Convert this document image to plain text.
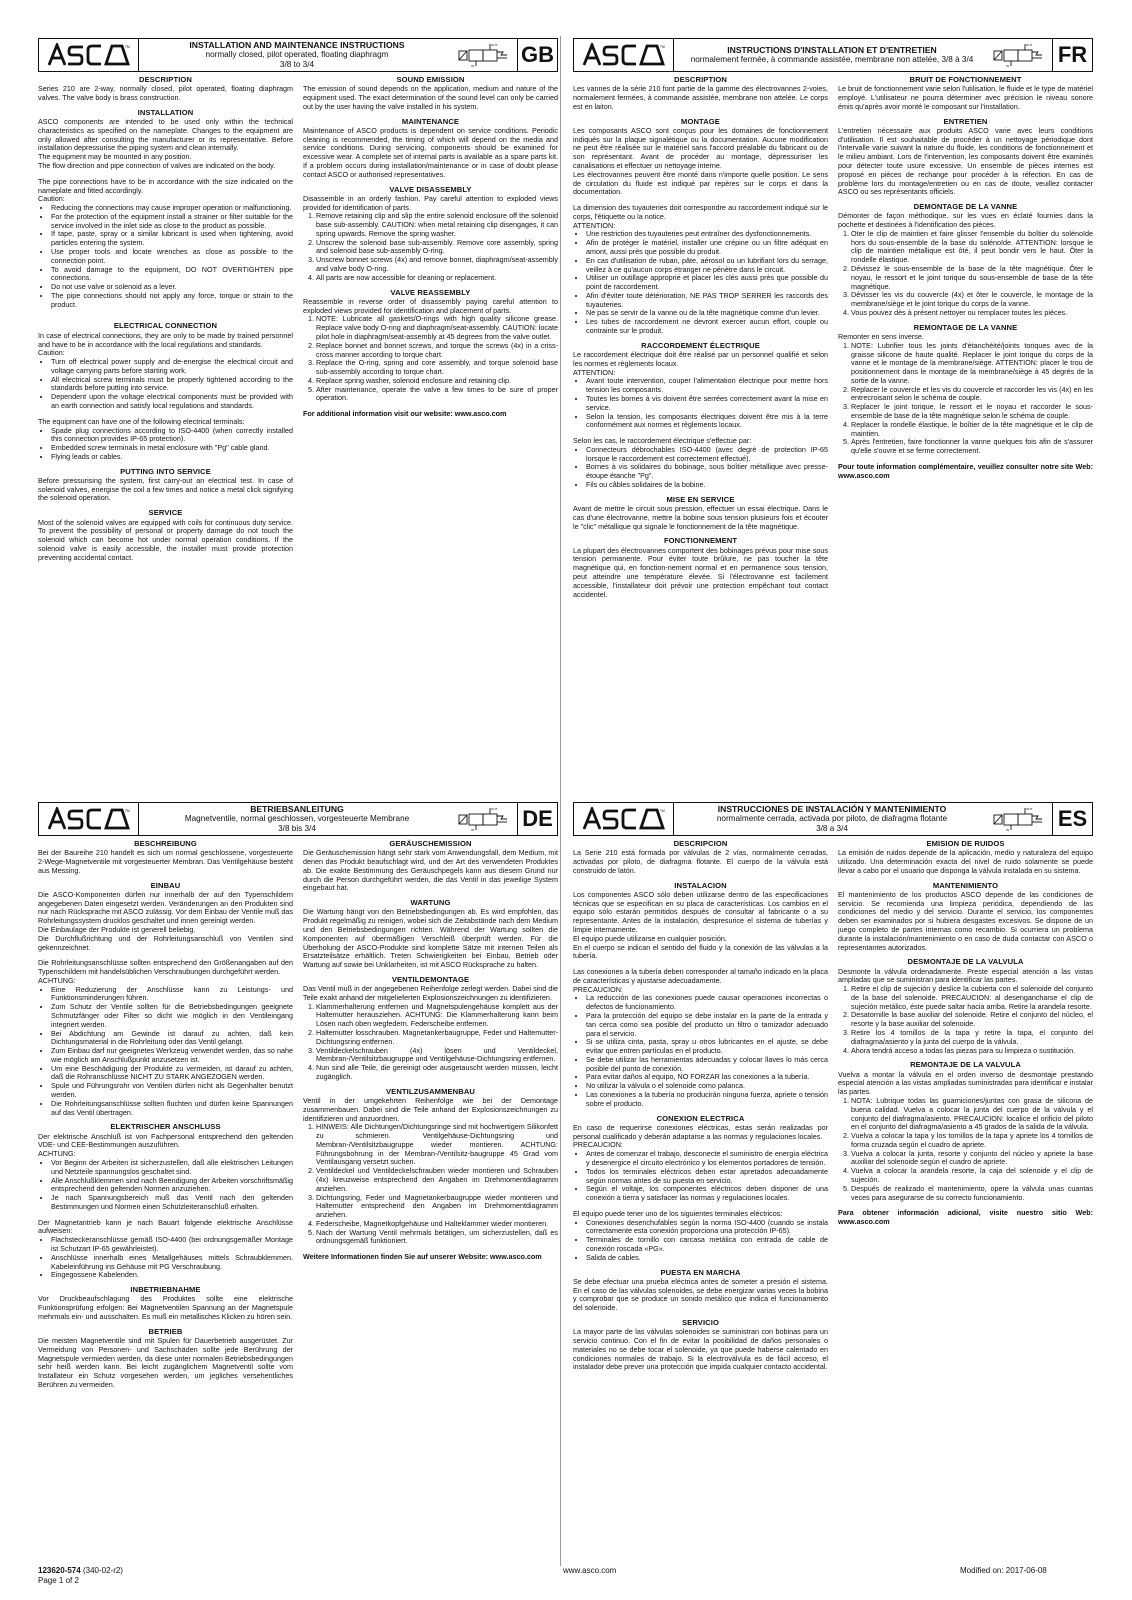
TM	INSTALLATION AND MAINTENANCE INSTRUCTIONS
normally closed, pilot operated, floating diaphragm
3/8 to 3/4
OUT
IN GB
DESCRIPTION

Series 210 are 2-way, normally closed, pilot operated, floating diaphragm valves. The valve body is brass construction.

INSTALLATION

ASCO components are intended to be used only within the technical characteristics as specified on the nameplate. Changes to the equipment are only allowed after consulting the manufacturer or its representative. Before installation depressurise the piping system and clean internally.

The equipment may be mounted in any position.

The flow direction and pipe connection of valves are indicated on the body.

The pipe connections have to be in accordance with the size indicated on the nameplate and fitted accordingly.

Caution:

• Reducing the connections may cause improper operation or malfunctioning.
• For the protection of the equipment install a strainer or filter suitable for the service involved in the inlet side as close to the product as possible.
• If tape, paste, spray or a similar lubricant is used when tightening, avoid particles entering the system.
• Use proper tools and locate wrenches as close as possible to the connection point.
• To avoid damage to the equipment, DO NOT OVERTIGHTEN pipe connections.
• Do not use valve or solenoid as a lever.
• The pipe connections should not apply any force, torque or strain to the product.
ELECTRICAL CONNECTION

In case of electrical connections, they are only to be made by trained personnel and have to be in accordance with the local regulations and standards.

Caution:

• Turn off electrical power supply and de-energise the electrical circuit and voltage carrying parts before starting work.
• All electrical screw terminals must be properly tightened according to the standards before putting into service.
• Dependent upon the voltage electrical components must be provided with an earth connection and satisfy local regulations and standards.

The equipment can have one of the following electrical terminals:

• Spade plug connections according to ISO-4400 (when correctly installed this connection provides IP-65 protection).
• Embedded screw terminals in metal enclosure with "Pg" cable gland.
• Flying leads or cables.
PUTTING INTO SERVICE

Before pressurising the system, first carry-out an electrical test. In case of solenoid valves, energise the coil a few times and notice a metal click signifying the solenoid operation.

SERVICE

Most of the solenoid valves are equipped with coils for continuous duty service. To prevent the possibility of personal or property damage do not touch the solenoid which can become hot under normal operation conditions. If the solenoid valve is easily accessible, the installer must provide protection preventing accidental contact.

SOUND EMISSION

The emission of sound depends on the application, medium and nature of the equipment used. The exact determination of the sound level can only be carried out by the user having the valve installed in his system.

MAINTENANCE

Maintenance of ASCO products is dependent on service conditions. Periodic cleaning is recommended, the timing of which will depend on the media and service conditions. During servicing, components should be examined for excessive wear. A complete set of internal parts is available as a spare parts kit. If a problem occurs during installation/maintenance or in case of doubt please contact ASCO or authorised representatives.

VALVE DISASSEMBLY

Disassemble in an orderly fashion. Pay careful attention to exploded views provided for identification of parts.

1. Remove retaining clip and slip the entire solenoid enclosure off the solenoid base sub-assembly. CAUTION: when metal retaining clip disengages, it can spring upwards. Remove the spring washer.
2. Unscrew the solenoid base sub-assembly. Remove core assembly, spring and solenoid base sub-assembly O-ring.
3. Unscrew bonnet screws (4x) and remove bonnet, diaphragm/seat-assembly and valve body O-ring.
4. All parts are now accessible for cleaning or replacement.
VALVE REASSEMBLY

Reassemble in reverse order of disassembly paying careful attention to exploded views provided for identification and placement of parts.

1. NOTE: Lubricate all gaskets/O-rings with high quality silicone grease. Replace valve body O-ring and diaphragm/seat-assembly. CAUTION: locate pilot hole in diaphragm/seat-assembly at 45 degrees from the valve outlet.
2. Replace bonnet and bonnet screws, and torque the screws (4x) in a criss-cross manner according to torque chart.
3. Replace the O-ring, spring and core assembly, and torque solenoid base sub-assembly according to torque chart.
4. Replace spring washer, solenoid enclosure and retaining clip.
5. After maintenance, operate the valve a few times to be sure of proper operation.

For additional information visit our website: www.asco.com

TM	INSTRUCTIONS D'INSTALLATION ET D'ENTRETIEN
normalement fermée, à commande assistée, membrane non attelée, 3/8 à 3/4
OUT
IN FR
DESCRIPTION

Les vannes de la série 210 font partie de la gamme des électrovannes 2-voies, normalement fermées, à commande assistée, membrane non attelée. Le corps est en laiton.

MONTAGE

Les composants ASCO sont conçus pour les domaines de fonctionnement indiqués sur la plaque signalétique ou la documentation. Aucune modification ne peut être réalisée sur le matériel sans l'accord préalable du fabricant ou de son représentant. Avant de procéder au montage, dépressuriser les canalisations et effectuer un nettoyage interne.

Les électrovannes peuvent être monté dans n'importe quelle position. Le sens de circulation du fluide est indiqué par repères sur le corps et dans la documentation.

La dimension des tuyauteries doit correspondre au raccordement indiqué sur le corps, l'étiquette ou la notice.

ATTENTION:

• Une restriction des tuyauteries peut entraîner des dysfonctionnements.
• Afin de protéger le matériel, installer une crépine ou un filtre adéquat en amont, aussi près que possible du produit.
• En cas d'utilisation de ruban, pâte, aérosol ou un lubrifiant lors du serrage, veillez à ce qu'aucun corps étranger ne pénètre dans le circuit.
• Utiliser un outillage approprié et placer les clés aussi près que possible du point de raccordement.
• Afin d'éviter toute détérioration, NE PAS TROP SERRER les raccords des tuyauteries.
• Ne pas se servir de la vanne ou de la tête magnétique comme d'un levier.
• Les tubes de raccordement ne devront exercer aucun effort, couple ou contrainte sur le produit.
RACCORDEMENT ÉLECTRIQUE

Le raccordement électrique doit être réalisé par un personnel qualifié et selon les normes et règlements locaux.

ATTENTION:

• Avant toute intervention, couper l'alimentation électrique pour mettre hors tension les composants.
• Toutes les bornes à vis doivent être serrées correctement avant la mise en service.
• Selon la tension, les composants électriques doivent être mis à la terre conformément aux normes et règlements locaux.

Selon les cas, le raccordement électrique s'effectue par:

• Connecteurs débrochables ISO-4400 (avec degré de protection IP-65 lorsque le raccordement est correctement effectué).
• Bornes à vis solidaires du bobinage, sous boîtier métallique avec presse-étoupe étanche "Pg".
• Fils ou câbles solidaires de la bobine.
MISE EN SERVICE

Avant de mettre le circuit sous pression, effectuer un essai électrique. Dans le cas d'une électrovanne, mettre la bobine sous tension plusieurs fois et écouter le "clic" métallique qui signale le fonctionnement de la tête magnétique.

FONCTIONNEMENT

La plupart des électrovannes comportent des bobinages prévus pour mise sous tension permanente. Pour éviter toute brûlure, ne pas toucher la tête magnétique qui, en fonction-nement normal et en permanence sous tension, peut atteindre une température élevée. Si l'électrovanne est facilement accessible, l'installateur doit prévoir une protection empêchant tout contact accidentel.

BRUIT DE FONCTIONNEMENT

Le bruit de fonctionnement varie selon l'utilisation, le fluide et le type de matériel employé. L'utilisateur ne pourra déterminer avec précision le niveau sonore émis qu'après avoir monté le composant sur l'installation.

ENTRETIEN

L'entretien nécessaire aux produits ASCO varie avec leurs conditions d'utilisation. Il est souhaitable de procéder à un nettoyage périodique dont l'intervalle varie suivant la nature du fluide, les conditions de fonctionnement et le milieu ambiant. Lors de l'intervention, les composants doivent être examinés pour détecter toute usure excessive. Un ensemble de pièces internes est proposé en pièces de rechange pour procéder à la réfection. En cas de problème lors du montage/entretien ou en cas de doute, veuillez contacter ASCO ou ses représentants officiels.

DEMONTAGE DE LA VANNE

Démonter de façon méthodique. sur les vues en éclaté fournies dans la pochette et destinées à l'identification des pièces.

1. Oter le clip de maintien et faire glisser l'ensemble du boîtier du solénoïde hors du sous-ensemble de la base du solénoïde. ATTENTION: lorsque le clip de maintien métallique est ôté, il peut bondir vers le haut. Ôter la rondelle élastique.
2. Dévissez le sous-ensemble de la base de la tête magnétique. Ôter le noyau, le ressort et le joint torique du sous-ensemble de base de la tête magnétique.
3. Dévisser les vis du couvercle (4x) et ôter le couvercle, le montage de la membrane/siège et le joint torique du corps de la vanne.
4. Vous pouvez dès à présent nettoyer ou remplacer toutes les pièces.
REMONTAGE DE LA VANNE

Remonter en sens inverse.

1. NOTE: Lubrifier tous les joints d'étanchéité/joints toriques avec de la graisse silicone de haute qualité. Replacer le joint torique du corps de la vanne et le montage de la membrane/siège. ATTENTION: placer le trou de positionnement dans le montage de la membrane/siège à 45 degrés de la sortie de la vanne.
2. Replacer le couvercle et les vis du couvercle et raccorder les vis (4x) en les entrecroisant selon le schéma de couple.
3. Replacer le joint torique, le ressort et le noyau et raccorder le sous-ensemble de base de la tête magnétique selon le schéma de couple.
4. Replacer la rondelle élastique, le boîtier de la tête magnétique et le clip de maintien.
5. Après l'entretien, faire fonctionner la vanne quelques fois afin de s'assurer qu'elle s'ouvre et se ferme correctement.

Pour toute information complémentaire, veuillez consulter notre site Web: www.asco.com

TM	BETRIEBSANLEITUNG
Magnetventile, normal geschlossen, vorgesteuerte Membrane
3/8 bis 3/4
OUT
IN DE
BESCHREIBUNG

Bei der Baureihe 210 handelt es sich um normal geschlossene, vorgesteuerte 2-Wege-Magnetventile mit vorgesteuerter Membran. Das Ventilgehäuse besteht aus Messing.

EINBAU

Die ASCO-Komponenten dürfen nur innerhalb der auf den Typenschildern angegebenen Daten eingesetzt werden. Veränderungen an den Produkten sind nur nach Rücksprache mit ASCO zulässig. Vor dem Einbau der Ventile muß das Rohrleitungssystem drucklos geschaltet und innen gereinigt werden.

Die Einbaulage der Produkte ist generell beliebig.

Die Durchflußrichtung und der Rohrleitungsanschluß von Ventilen sind gekennzeichnet.

Die Rohrleitungsanschlüsse sollten entsprechend den Größenangaben auf den Typenschildern mit handelsüblichen Verschraubungen durchgeführt werden.

ACHTUNG:

• Eine Reduzierung der Anschlüsse kann zu Leistungs- und Funktionsminderungen führen.
• Zum Schutz der Ventile sollten für die Betriebsbedingungen geeignete Schmutzfänger oder Filter so dicht wie möglich in den Ventileingang integriert werden.
• Bei Abdichtung am Gewinde ist darauf zu achten, daß kein Dichtungsmaterial in die Rohrleitung oder das Ventil gelangt.
• Zum Einbau darf nur geeignetes Werkzeug verwendet werden, das so nahe wie möglich am Anschlußpunkt anzusetzen ist.
• Um eine Beschädigung der Produkte zu vermeiden, ist darauf zu achten, daß die Rohranschlüsse NICHT ZU STARK ANGEZOGEN werden.
• Spule und Führungsrohr von Ventilen dürfen nicht als Gegenhalter benutzt werden.
• Die Rohrleitungsanschlüsse sollten fluchten und dürfen keine Spannungen auf das Ventil übertragen.
ELEKTRISCHER ANSCHLUSS

Der elektrische Anschluß ist von Fachpersonal entsprechend den geltenden VDE- und CEE-Bestimmungen auszuführen.

ACHTUNG:

• Vor Beginn der Arbeiten ist sicherzustellen, daß alle elektrischen Leitungen und Netzteile spannungslos geschaltet sind.
• Alle Anschlußklemmen sind nach Beendigung der Arbeiten vorschriftsmäßig entsprechend den geltenden Normen anzuziehen.
• Je nach Spannungsbereich muß das Ventil nach den geltenden Bestimmungen und Normen einen Schutzleiteranschluß erhalten.

Der Magnetantrieb kann je nach Bauart folgende elektrische Anschlüsse aufweisen:

• Flachsteckeranschlüsse gemäß ISO-4400 (bei ordnungsgemäßer Montage ist Schutzart IP-65 gewährleistet).
• Anschlüsse innerhalb eines Metallgehäuses mittels Schraubklemmen. Kabeleinführung ins Gehäuse mit PG Verschraubung.
• Eingegossene Kabelenden.
INBETRIEBNAHME

Vor Druckbeaufschlagung des Produktes sollte eine elektrische Funktionsprüfung erfolgen: Bei Magnetventilen Spannung an der Magnetspule mehrmals ein- und ausschalten. Es muß ein metallisches Klicken zu hören sein.

BETRIEB

Die meisten Magnetventile sind mit Spulen für Dauerbetrieb ausgerüstet. Zur Vermeidung von Personen- und Sachschäden sollte jede Berührung der Magnetspule vermieden werden, da diese unter normalen Betriebsbedingungen sehr heiß werden kann. Bei leicht zugänglichem Magnetventil sollte vom Installateur ein Schutz vorgesehen werden, um jegliches versehentliches Berühren zu vermeiden.

GERÄUSCHEMISSION

Die Geräuschemission hängt sehr stark vom Anwendungsfall, dem Medium, mit denen das Produkt beaufschlagt wird, und der Art des verwendeten Produktes ab. Die exakte Bestimmung des Geräuschpegels kann aus diesem Grund nur durch die Person durchgeführt werden, die das Ventil in das jeweilige System eingebaut hat.

WARTUNG

Die Wartung hängt von den Betriebsbedingungen ab. Es wird empfohlen, das Produkt regelmäßig zu reinigen, wobei sich die Zeitabstände nach dem Medium und den Betriebsbedingungen richten. Während der Wartung sollten die Komponenten auf übermäßigen Verschleiß überprüft werden. Für die Überholung der ASCO-Produkte sind komplette Sätze mit internen Teilen als Ersatzteilsätze erhältlich. Treten Schwierigkeiten bei Einbau, Betrieb oder Wartung auf sowie bei Unklarheiten, ist mit ASCO Rücksprache zu halten.

VENTILDEMONTAGE

Das Ventil muß in der angegebenen Reihenfolge zerlegt werden. Dabei sind die Teile exakt anhand der mitgelieferten Explosionszeichnungen zu identifizieren.

1. Klammerhalterung entfernen und Magnetspulengehäuse komplett aus der Haltemutter herausziehen. ACHTUNG: Die Klammerhalterung kann beim Lösen nach oben wegfedern. Federscheibe entfernen.
2. Haltemutter losschrauben. Magnetankerbaugruppe, Feder und Haltemutter-Dichtungsring entfernen.
3. Ventildeckelschrauben (4x) lösen und Ventildeckel, Membran-/Ventilsitzbaugruppe und Ventilgehäuse-Dichtungsring entfernen.
4. Nun sind alle Teile, die gereinigt oder ausgetauscht werden müssen, leicht zugänglich.
VENTILZUSAMMENBAU

Ventil in der umgekehrten Reihenfolge wie bei der Demontage zusammenbauen. Dabei sind die Teile anhand der Explosionszeichnungen zu identifizieren und anzuordnen.

1. HINWEIS: Alle Dichtungen/Dichtungsringe sind mit hochwertigem Silikonfett zu schmieren. Ventilgehäuse-Dichtungsring und Membran-/Ventilsitzbaugruppe wieder montieren. ACHTUNG: Führungsbohrung in der Membran-/Ventilsitz-baugruppe 45 Grad vom Ventilausgang versetzt suchen.
2. Ventildeckel und Ventildeckelschrauben wieder montieren und Schrauben (4x) kreuzweise entsprechend den Angaben im Drehmomentdiagramm anziehen.
3. Dichtungsring, Feder und Magnetankerbaugruppe wieder montieren und Haltemutter entsprechend den Angaben im Drehmomentdiagramm anziehen.
4. Federscheibe, Magnetkopfgehäuse und Halteklammer wieder montieren.
5. Nach der Wartung Ventil mehrmals betätigen, um sicherzustellen, daß es ordnungsgemäß funktioniert.

Weitere Informationen finden Sie auf unserer Website: www.asco.com

TM	INSTRUCCIONES DE INSTALACIÓN Y MANTENIMIENTO
normalmente cerrada, activada por piloto, de diafragma flotante
3/8 a 3/4
OUT
IN ES
DESCRIPCION

La Serie 210 está formada por válvulas de 2 vías, normalmente cerradas, activadas por piloto, de diafragma flotante. El cuerpo de la válvula está construido de latón.

INSTALACION

Los componentes ASCO sólo deben utilizarse dentro de las especificaciones técnicas que se especifican en su placa de características. Los cambios en el equipo sólo estarán permitidos después de consultar al fabricante o a su representante. Antes de la instalación, despresurice el sistema de tuberías y limpie internamente.

El equipo puede utilizarse en cualquier posición.

En el cuerpo se indican el sentido del fluido y la conexión de las válvulas a la tubería.

Las conexiones a la tubería deben corresponder al tamaño indicado en la placa de características y ajustarse adecuadamente.

PRECAUCION:

• La reducción de las conexiones puede causar operaciones incorrectas o defectos de funcionamiento.
• Para la protección del equipo se debe instalar en la parte de la entrada y tan cerca como sea posible del producto un filtro o tamizador adecuado para el servicio.
• Si se utiliza cinta, pasta, spray u otros lubricantes en el ajuste, se debe evitar que entren partículas en el producto.
• Se debe utilizar las herramientas adecuadas y colocar llaves lo más cerca posible del punto de conexión.
• Para evitar daños al equipo, NO FORZAR las conexiones a la tubería.
• No utilizar la válvula o el solenoide como palanca.
• Las conexiones a la tubería no producirán ninguna fuerza, apriete o tensión sobre el producto.
CONEXION ELECTRICA

En caso de requerirse conexiones eléctricas, estas serán realizadas por personal cualificado y deberán adaptarse a las normas y regulaciones locales.

PRECAUCION:

• Antes de comenzar el trabajo, desconecte el suministro de energía eléctrica y desenergice el circuito electrónico y los elementos portadores de tensión.
• Todos los terminales eléctricos deben estar apretados adecuadamente según normas antes de su puesta en servicio.
• Según el voltaje, los componentes eléctricos deben disponer de una conexión a tierra y satisfacer las normas y regulaciones locales.

El equipo puede tener uno de los siguientes terminales eléctricos:

• Conexiones desenchufables según la norma ISO-4400 (cuando se instala correctamente esta conexión proporciona una protección IP-65).
• Terminales de tornillo con carcasa metálica con entrada de cable de conexión roscada «PG».
• Salida de cables.
PUESTA EN MARCHA

Se debe efectuar una prueba eléctrica antes de someter a presión el sistema. En el caso de las válvulas solenoides, se debe energizar varias veces la bobina y comprobar que se produce un sonido metálico que indica el funcionamiento del solenoide.

SERVICIO

La mayor parte de las válvulas solenoides se suministran con bobinas para un servicio continuo. Con el fin de evitar la posibilidad de daños personales o materiales no se debe tocar el solenoide, ya que puede haberse calentado en condiciones normales de trabajo. Si la electroválvula es de fácil acceso, el instalador debe prever una protección que impida cualquier contacto accidental.

EMISION DE RUIDOS

La emisión de ruidos depende de la aplicación, medio y naturaleza del equipo utilizado. Una determinación exacta del nivel de ruido solamente se puede llevar a cabo por el usuario que disponga la válvula instalada en su sistema.

MANTENIMIENTO

El mantenimiento de los productos ASCO depende de las condiciones de servicio. Se recomienda una limpieza periódica, dependiendo de las condiciones del medio y del servicio. Durante el servicio, los componentes deben ser examinados por si hubiera desgastes excesivos. Se dispone de un juego completo de partes internas como recambio. Si ocurriera un problema durante la instalación/mantenimiento o en caso de duda contactar con ASCO o representantes autorizados.

DESMONTAJE DE LA VALVULA

Desmonte la válvula ordenadamente. Preste especial atención a las vistas ampliadas que se suministran para identificar las partes.

1. Retire el clip de sujeción y deslice la cubierta con el solenoide del conjunto de la base del solenoide. PRECAUCION: al desengancharse el clip de sujeción metálico, éste puede saltar hacia arriba. Retire la arandela resorte.
2. Desatornille la base auxiliar del solenoide. Retire el conjunto del núcleo, el resorte y la base auxiliar del solenoide.
3. Retire los 4 tornillos de la tapa y retire la tapa, el conjunto del diafragma/asiento y la junta del cuerpo de la válvula.
4. Ahora tendrá acceso a todas las piezas para su limpieza o sustitución.
REMONTAJE DE LA VALVULA

Vuelva a montar la válvula en el orden inverso de desmontaje prestando especial atención a las vistas ampliadas suministradas para identificar e instalar las partes.

1. NOTA: Lubrique todas las guarniciones/juntas con grasa de silicona de buena calidad. Vuelva a colocar la junta del cuerpo de la válvula y el conjunto del diafragma/asiento. PRECAUCION: localice el orificio del piloto en el conjunto del diafragma/asiento a 45 grados de la salida de la válvula.
2. Vuelva a colocar la tapa y los tornillos de la tapa y apriete los 4 tornillos de forma cruzada según el cuadro de apriete.
3. Vuelva a colocar la junta, resorte y conjunto del núcleo y apriete la base auxiliar del solenoide según el cuadro de apriete.
4. Vuelva a colocar la arandela resorte, la caja del solenoide y el clip de sujeción.
5. Después de realizado el mantenimiento, opere la válvula unas cuantas veces para asegurarse de su correcto funcionamiento.

Para obtener información adicional, visite nuestro sitio Web: www.asco.com

123620-574 (340-02-r2)
Page 1 of 2
www.asco.com	Modified on: 2017-06-08
